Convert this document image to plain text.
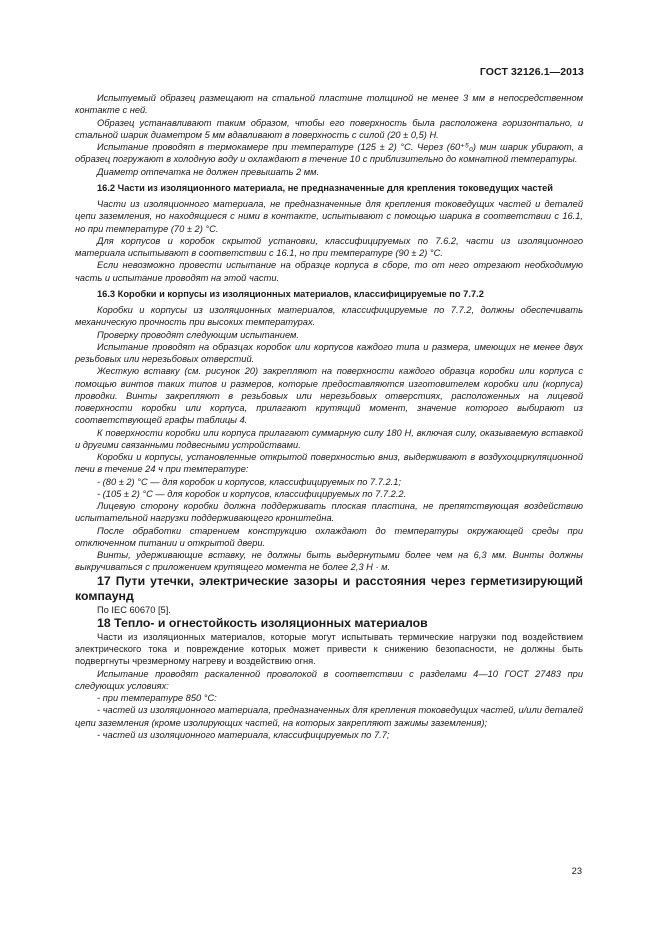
ГОСТ 32126.1—2013

Испытуемый образец размещают на стальной пластине толщиной не менее 3 мм в непосредственном контакте с ней.

Образец устанавливают таким образом, чтобы его поверхность была расположена горизонтально, и стальной шарик диаметром 5 мм вдавливают в поверхность с силой (20 ± 0,5) Н.

Испытание проводят в термокамере при температуре (125 ± 2) °С. Через (60⁺⁵₀) мин шарик убирают, а образец погружают в холодную воду и охлаждают в течение 10 с приблизительно до комнатной температуры.

Диаметр отпечатка не должен превышать 2 мм.

16.2 Части из изоляционного материала, не предназначенные для крепления токоведущих частей

Части из изоляционного материала, не предназначенные для крепления токоведущих частей и деталей цепи заземления, но находящиеся с ними в контакте, испытывают с помощью шарика в соответствии с 16.1, но при температуре (70 ± 2) °С.

Для корпусов и коробок скрытой установки, классифицируемых по 7.6.2, части из изоляционного материала испытывают в соответствии с 16.1, но при температуре (90 ± 2) °С.

Если невозможно провести испытание на образце корпуса в сборе, то от него отрезают необходимую часть и испытание проводят на этой части.

16.3 Коробки и корпусы из изоляционных материалов, классифицируемые по 7.7.2

Коробки и корпусы из изоляционных материалов, классифицируемые по 7.7.2, должны обеспечивать механическую прочность при высоких температурах.

Проверку проводят следующим испытанием.

Испытание проводят на образцах коробок или корпусов каждого типа и размера, имеющих не менее двух резьбовых или нерезьбовых отверстий.

Жесткую вставку (см. рисунок 20) закрепляют на поверхности каждого образца коробки или корпуса с помощью винтов таких типов и размеров, которые предоставляются изготовителем коробки или (корпуса) проводки. Винты закрепляют в резьбовых или нерезьбовых отверстиях, расположенных на лицевой поверхности коробки или корпуса, прилагают крутящий момент, значение которого выбирают из соответствующей графы таблицы 4.

К поверхности коробки или корпуса прилагают суммарную силу 180 Н, включая силу, оказываемую вставкой и другими связанными подвесными устройствами.

Коробки и корпусы, установленные открытой поверхностью вниз, выдерживают в воздухоциркуляционной печи в течение 24 ч при температуре:

- (80 ± 2) °С — для коробок и корпусов, классифицируемых по 7.7.2.1;

- (105 ± 2) °С — для коробок и корпусов, классифицируемых по 7.7.2.2.

Лицевую сторону коробки должна поддерживать плоская пластина, не препятствующая воздействию испытательной нагрузки поддерживающего кронштейна.

После обработки старением конструкцию охлаждают до температуры окружающей среды при отключенном питании и открытой двери.

Винты, удерживающие вставку, не должны быть выдернутыми более чем на 6,3 мм. Винты должны выкручиваться с приложением крутящего момента не более 2,3 Н · м.

17 Пути утечки, электрические зазоры и расстояния через герметизирующий компаунд

По IEC 60670 [5].

18 Тепло- и огнестойкость изоляционных материалов

Части из изоляционных материалов, которые могут испытывать термические нагрузки под воздействием электрического тока и повреждение которых может привести к снижению безопасности, не должны быть подвергнуты чрезмерному нагреву и воздействию огня.

Испытание проводят раскаленной проволокой в соответствии с разделами 4—10 ГОСТ 27483 при следующих условиях:

- при температуре 850 °С:

- частей из изоляционного материала, предназначенных для крепления токоведущих частей, и/или деталей цепи заземления (кроме изолирующих частей, на которых закрепляют зажимы заземления);

- частей из изоляционного материала, классифицируемых по 7.7;

23
